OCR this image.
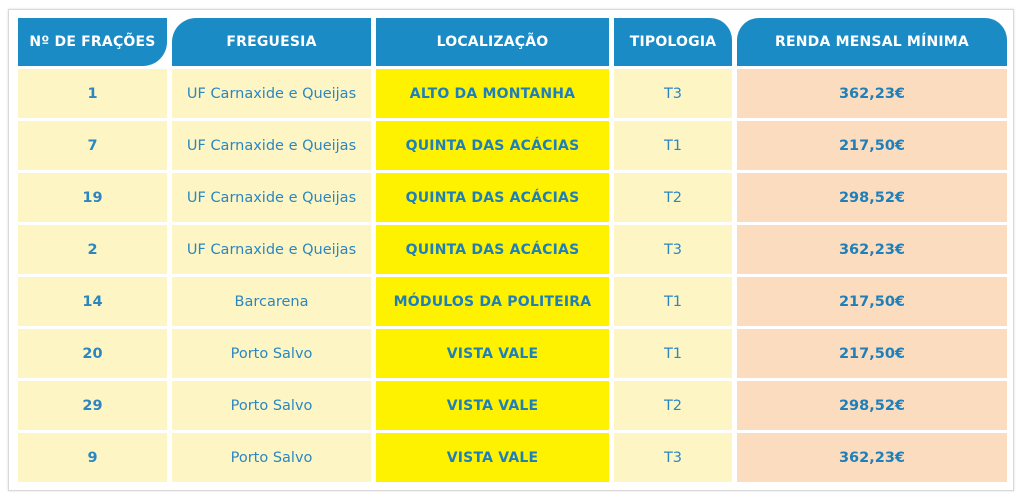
Nº DE FRAÇÕES	FREGUESIA	LOCALIZAÇÃO	TIPOLOGIA	RENDA MENSAL MÍNIMA
1	UF Carnaxide e Queijas	ALTO DA MONTANHA	T3	362,23€
7	UF Carnaxide e Queijas	QUINTA DAS ACÁCIAS	T1	217,50€
19	UF Carnaxide e Queijas	QUINTA DAS ACÁCIAS	T2	298,52€
2	UF Carnaxide e Queijas	QUINTA DAS ACÁCIAS	T3	362,23€
14	Barcarena	MÓDULOS DA POLITEIRA	T1	217,50€
20	Porto Salvo	VISTA VALE	T1	217,50€
29	Porto Salvo	VISTA VALE	T2	298,52€
9	Porto Salvo	VISTA VALE	T3	362,23€
